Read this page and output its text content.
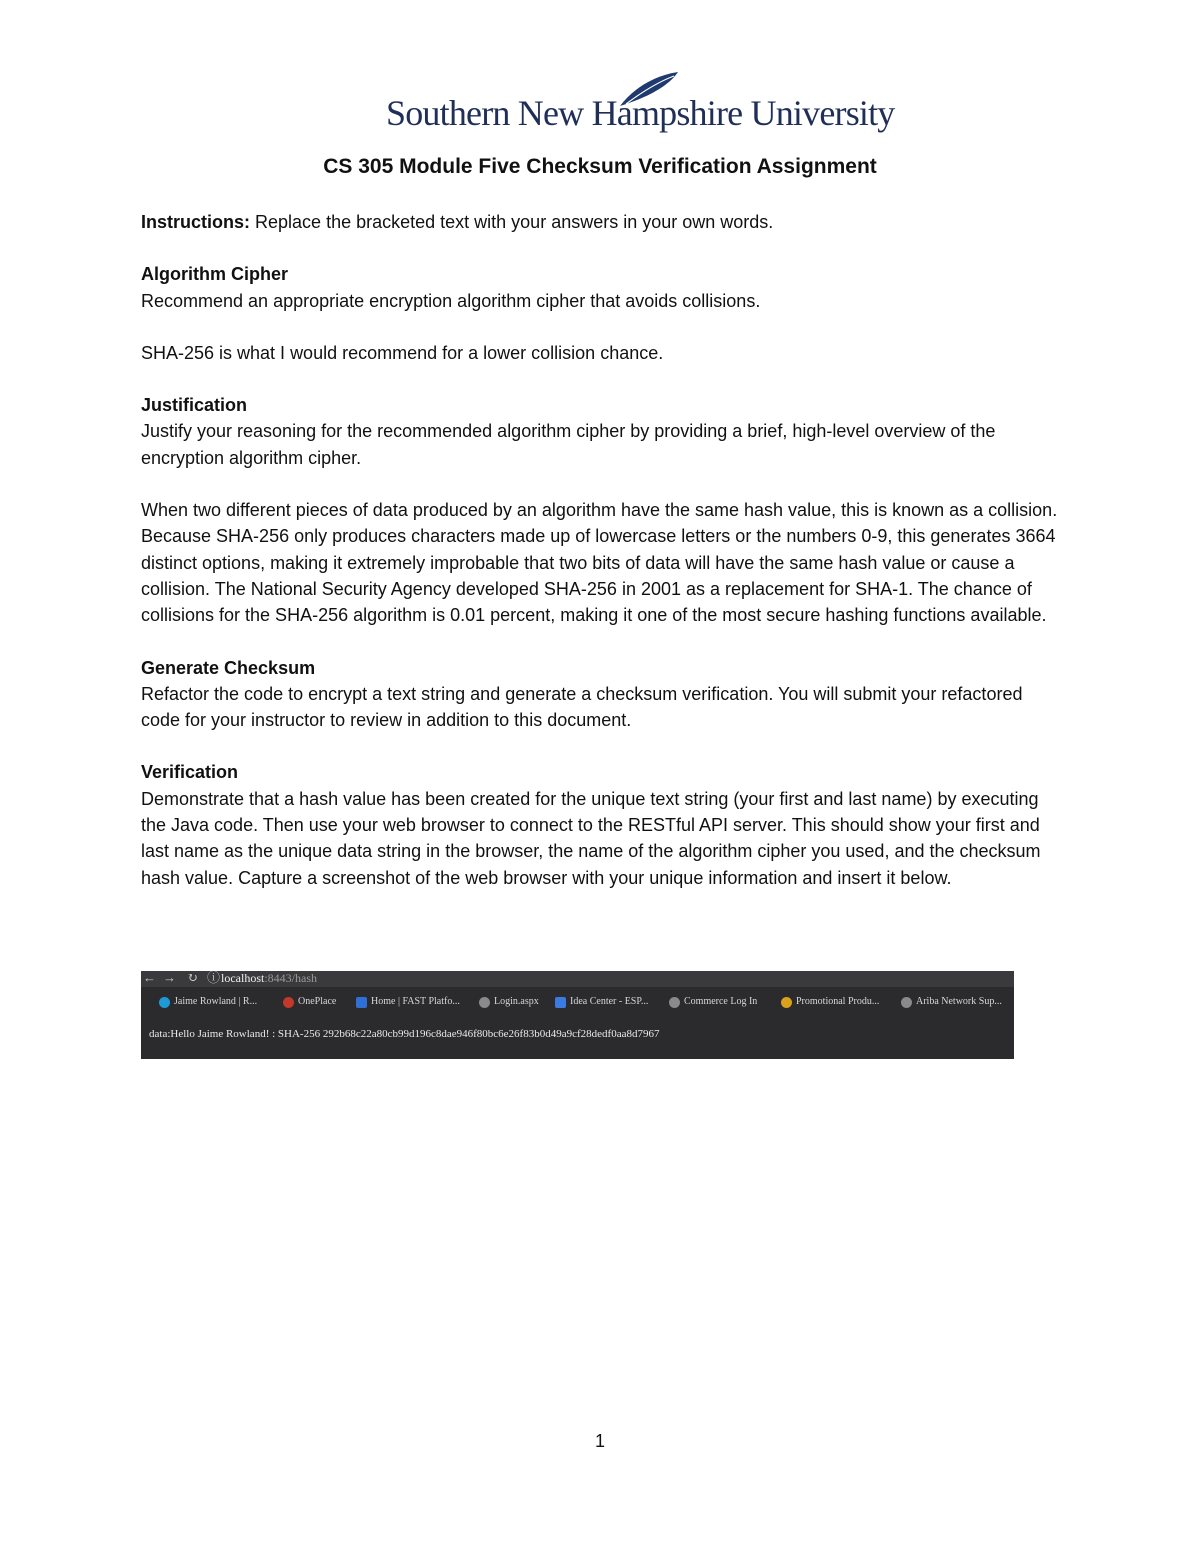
Southern New Hampshire University
CS 305 Module Five Checksum Verification Assignment

Instructions: Replace the bracketed text with your answers in your own words.

Algorithm Cipher

Recommend an appropriate encryption algorithm cipher that avoids collisions.

SHA-256 is what I would recommend for a lower collision chance.

Justification

Justify your reasoning for the recommended algorithm cipher by providing a brief, high-level overview of the encryption algorithm cipher.

When two different pieces of data produced by an algorithm have the same hash value, this is known as a collision. Because SHA-256 only produces characters made up of lowercase letters or the numbers 0-9, this generates 3664 distinct options, making it extremely improbable that two bits of data will have the same hash value or cause a collision. The National Security Agency developed SHA-256 in 2001 as a replacement for SHA-1. The chance of collisions for the SHA-256 algorithm is 0.01 percent, making it one of the most secure hashing functions available.

Generate Checksum

Refactor the code to encrypt a text string and generate a checksum verification. You will submit your refactored code for your instructor to review in addition to this document.

Verification

Demonstrate that a hash value has been created for the unique text string (your first and last name) by executing the Java code. Then use your web browser to connect to the RESTful API server. This should show your first and last name as the unique data string in the browser, the name of the algorithm cipher you used, and the checksum hash value. Capture a screenshot of the web browser with your unique information and insert it below.

← → ↻ ⓘ localhost:8443/hash
Jaime Rowland | R...	OnePlace	Home | FAST Platfo...	Login.aspx	Idea Center - ESP...	Commerce Log In	Promotional Produ...	Ariba Network Sup...
data:Hello Jaime Rowland! : SHA-256 292b68c22a80cb99d196c8dae946f80bc6e26f83b0d49a9cf28dedf0aa8d7967
1
